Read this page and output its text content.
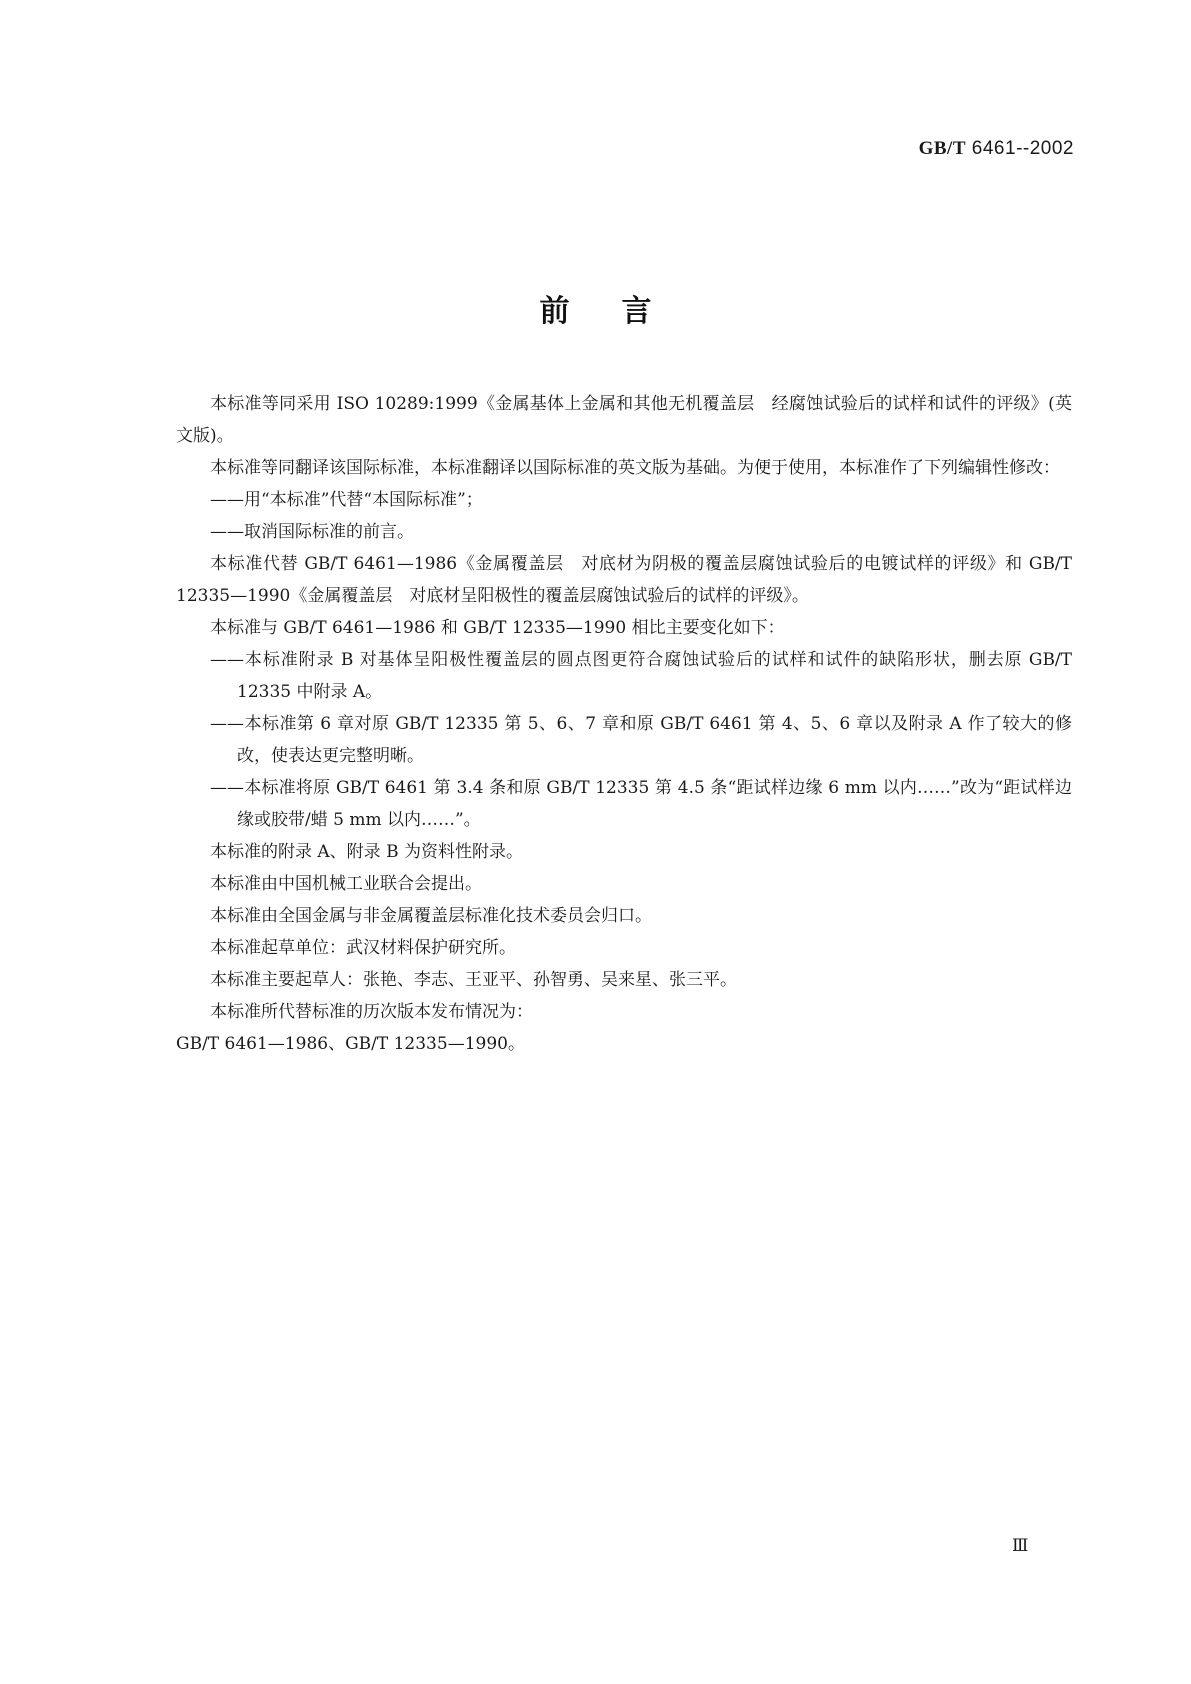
GB/T 6461--2002
前言

本标准等同采用 ISO 10289:1999《金属基体上金属和其他无机覆盖层　经腐蚀试验后的试样和试件的评级》(英文版)。

本标准等同翻译该国际标准，本标准翻译以国际标准的英文版为基础。为便于使用，本标准作了下列编辑性修改：

——用“本标准”代替“本国际标准”；

——取消国际标准的前言。

本标准代替 GB/T 6461—1986《金属覆盖层　对底材为阴极的覆盖层腐蚀试验后的电镀试样的评级》和 GB/T 12335—1990《金属覆盖层　对底材呈阳极性的覆盖层腐蚀试验后的试样的评级》。

本标准与 GB/T 6461—1986 和 GB/T 12335—1990 相比主要变化如下：

——本标准附录 B 对基体呈阳极性覆盖层的圆点图更符合腐蚀试验后的试样和试件的缺陷形状，删去原 GB/T 12335 中附录 A。

——本标准第 6 章对原 GB/T 12335 第 5、6、7 章和原 GB/T 6461 第 4、5、6 章以及附录 A 作了较大的修改，使表达更完整明晰。

——本标准将原 GB/T 6461 第 3.4 条和原 GB/T 12335 第 4.5 条“距试样边缘 6 mm 以内……”改为“距试样边缘或胶带/蜡 5 mm 以内……”。

本标准的附录 A、附录 B 为资料性附录。

本标准由中国机械工业联合会提出。

本标准由全国金属与非金属覆盖层标准化技术委员会归口。

本标准起草单位：武汉材料保护研究所。

本标准主要起草人：张艳、李志、王亚平、孙智勇、吴来星、张三平。

本标准所代替标准的历次版本发布情况为：

GB/T 6461—1986、GB/T 12335—1990。

Ⅲ
